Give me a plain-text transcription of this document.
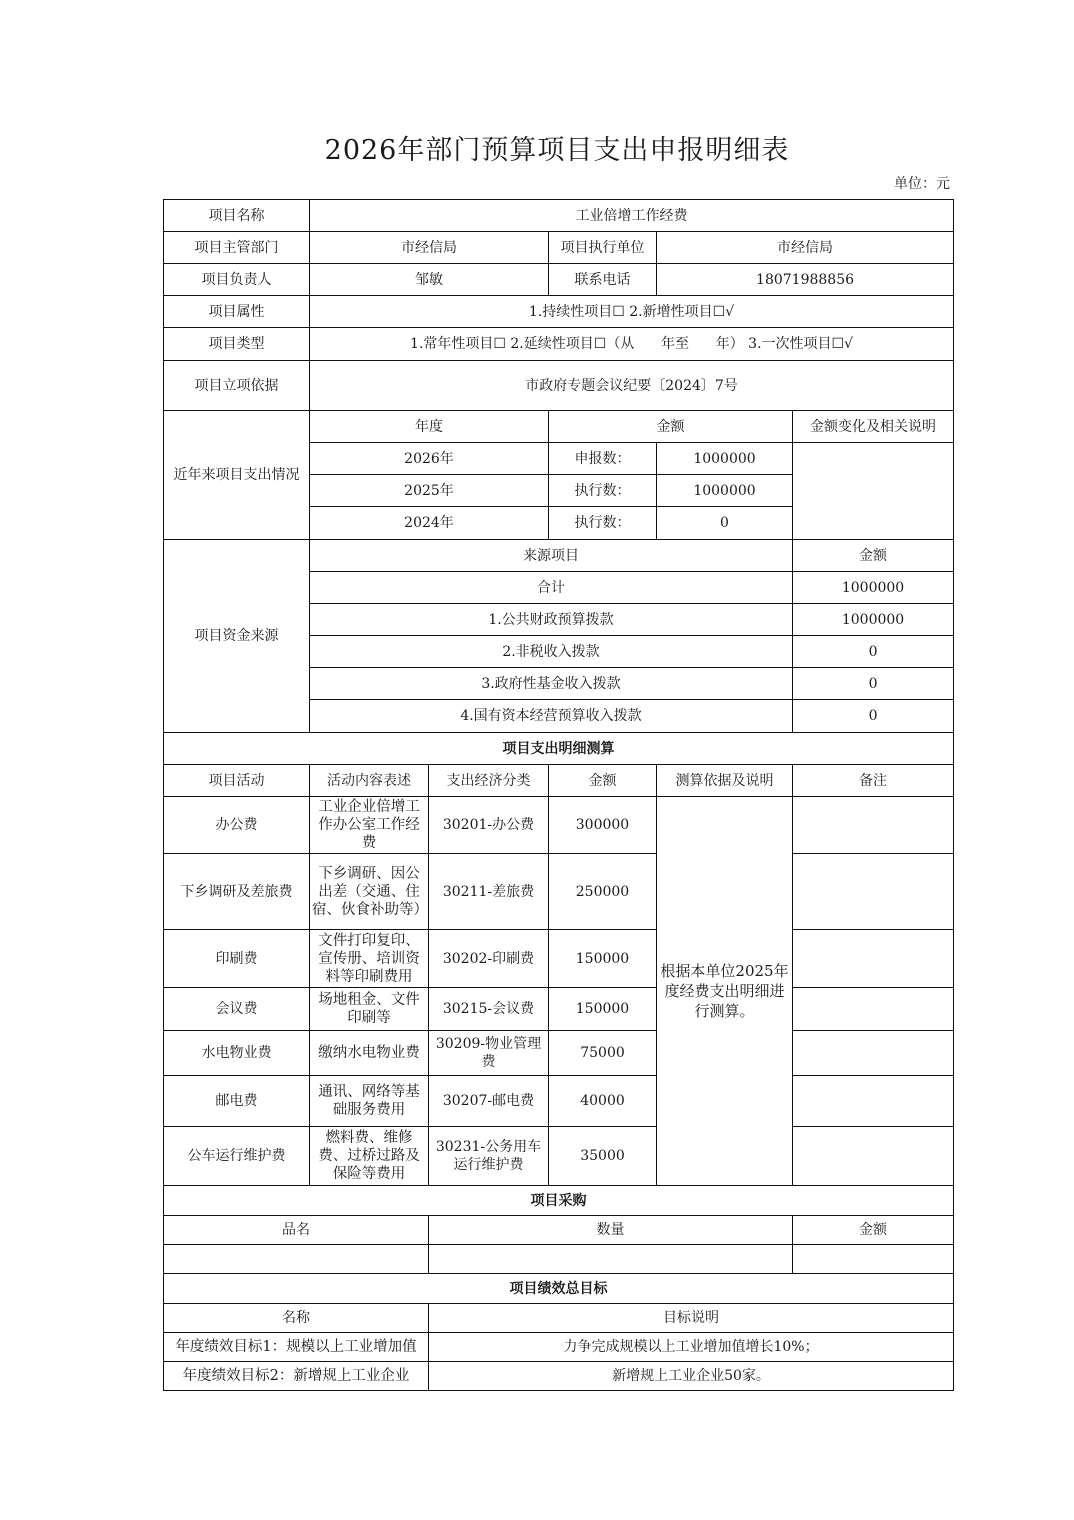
2026年部门预算项目支出申报明细表
单位：元
项目名称	工业倍增工作经费				
项目主管部门	市经信局		项目执行单位	市经信局	
项目负责人	邹敏		联系电话	18071988856	
项目属性	1.持续性项目☐ 2.新增性项目☐√				
项目类型	1.常年性项目☐ 2.延续性项目☐（从      年至      年） 3.一次性项目☐√				
项目立项依据	市政府专题会议纪要〔2024〕7号				
近年来项目支出情况	年度		金额		金额变化及相关说明
	2026年		申报数：	1000000	
	2025年		执行数：	1000000	
	2024年		执行数：	0	
项目资金来源	来源项目				金额
	合计				1000000
	1.公共财政预算拨款				1000000
	2.非税收入拨款				0
	3.政府性基金收入拨款				0
	4.国有资本经营预算收入拨款				0
项目支出明细测算					
项目活动	活动内容表述	支出经济分类	金额	测算依据及说明	备注
办公费	工业企业倍增工作办公室工作经费	30201-办公费	300000	根据本单位2025年度经费支出明细进行测算。	
下乡调研及差旅费	下乡调研、因公出差（交通、住宿、伙食补助等）	30211-差旅费	250000		
印刷费	文件打印复印、宣传册、培训资料等印刷费用	30202-印刷费	150000		
会议费	场地租金、文件印刷等	30215-会议费	150000		
水电物业费	缴纳水电物业费	30209-物业管理费	75000		
邮电费	通讯、网络等基础服务费用	30207-邮电费	40000		
公车运行维护费	燃料费、维修费、过桥过路及保险等费用	30231-公务用车运行维护费	35000		
项目采购					
品名		数量			金额

项目绩效总目标					
名称		目标说明			
年度绩效目标1：规模以上工业增加值		力争完成规模以上工业增加值增长10%；			
年度绩效目标2：新增规上工业企业		新增规上工业企业50家。			
